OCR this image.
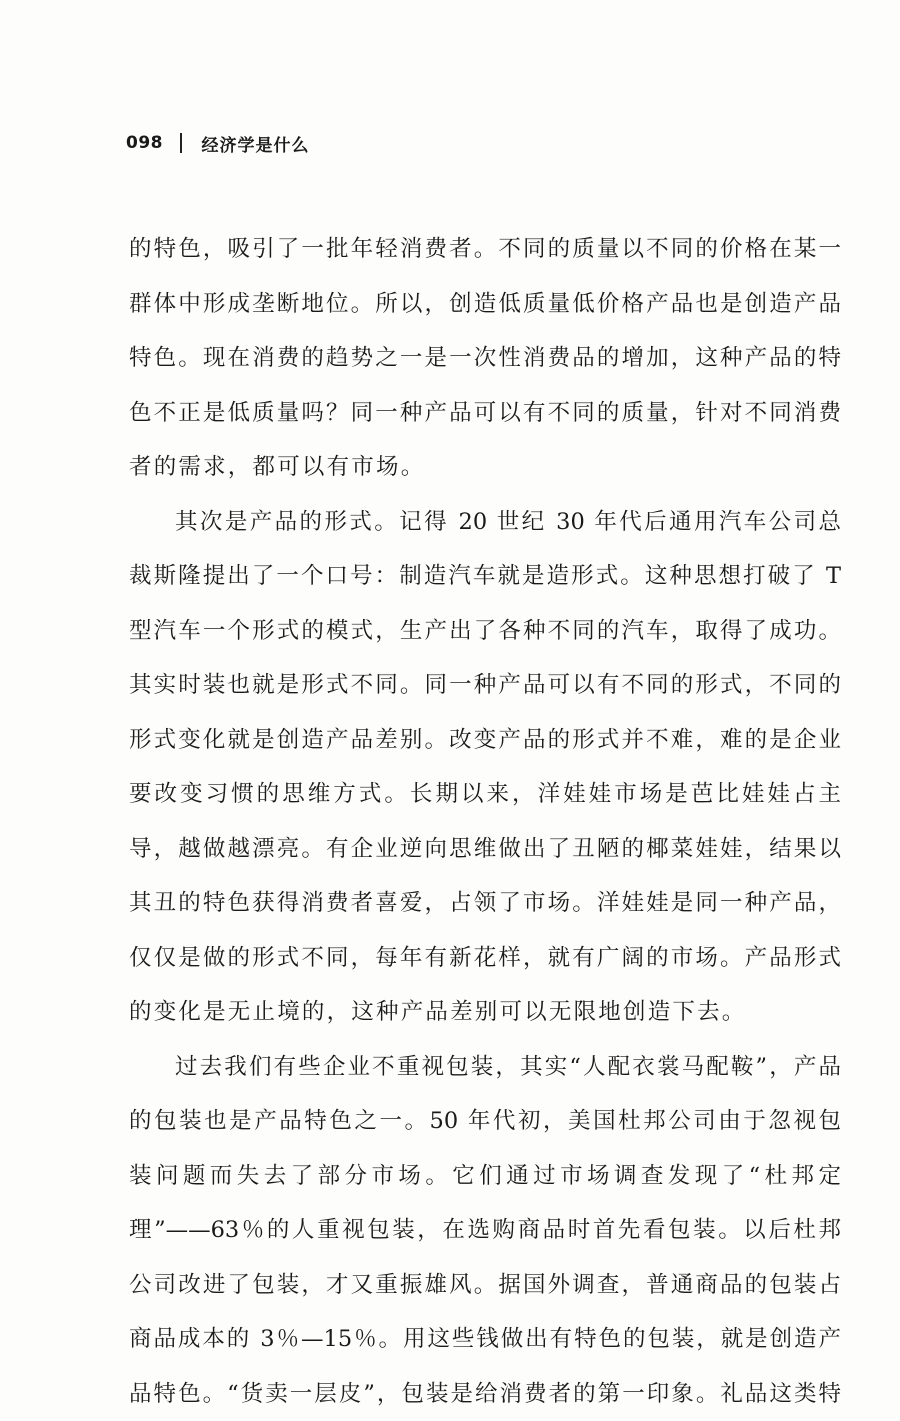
098 经济学是什么
的特色，吸引了一批年轻消费者。不同的质量以不同的价格在某一
群体中形成垄断地位。所以，创造低质量低价格产品也是创造产品
特色。现在消费的趋势之一是一次性消费品的增加，这种产品的特
色不正是低质量吗？同一种产品可以有不同的质量，针对不同消费
者的需求，都可以有市场。
其次是产品的形式。记得 20 世纪 30 年代后通用汽车公司总
裁斯隆提出了一个口号：制造汽车就是造形式。这种思想打破了 T
型汽车一个形式的模式，生产出了各种不同的汽车，取得了成功。
其实时装也就是形式不同。同一种产品可以有不同的形式，不同的
形式变化就是创造产品差别。改变产品的形式并不难，难的是企业
要改变习惯的思维方式。长期以来，洋娃娃市场是芭比娃娃占主
导，越做越漂亮。有企业逆向思维做出了丑陋的椰菜娃娃，结果以
其丑的特色获得消费者喜爱，占领了市场。洋娃娃是同一种产品，
仅仅是做的形式不同，每年有新花样，就有广阔的市场。产品形式
的变化是无止境的，这种产品差别可以无限地创造下去。
过去我们有些企业不重视包装，其实“人配衣裳马配鞍”，产品
的包装也是产品特色之一。50 年代初，美国杜邦公司由于忽视包
装问题而失去了部分市场。它们通过市场调查发现了“杜邦定
理”——63％的人重视包装，在选购商品时首先看包装。以后杜邦
公司改进了包装，才又重振雄风。据国外调查，普通商品的包装占
商品成本的 3％—15％。用这些钱做出有特色的包装，就是创造产
品特色。“货卖一层皮”，包装是给消费者的第一印象。礼品这类特
